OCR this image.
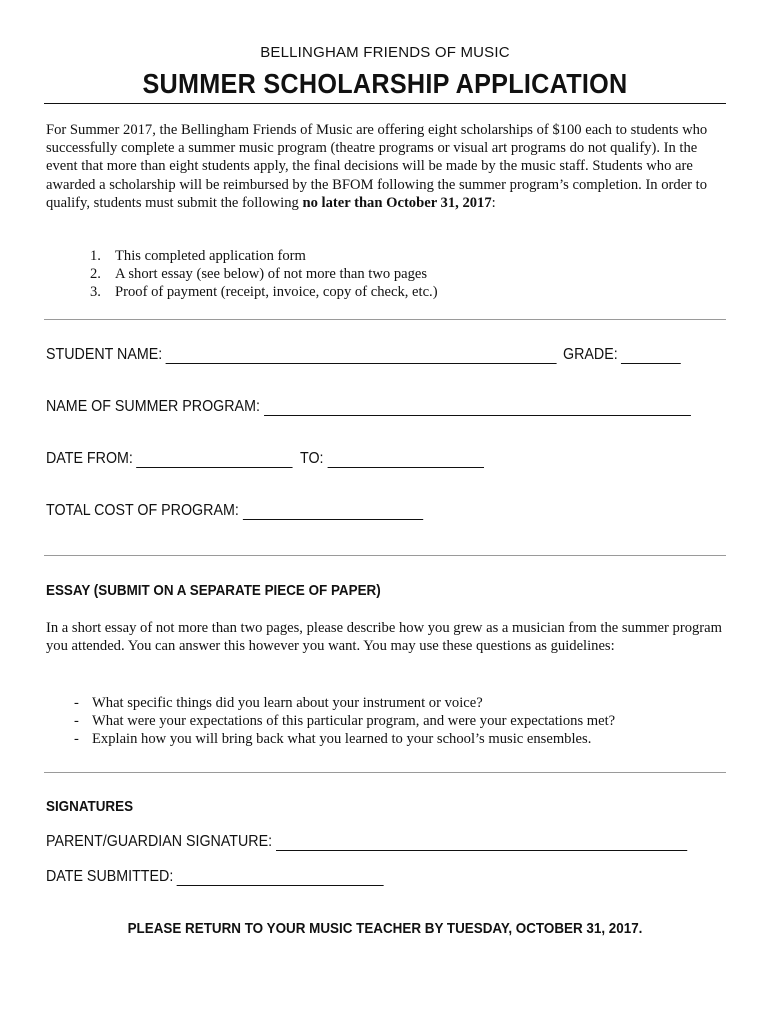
BELLINGHAM FRIENDS OF MUSIC
SUMMER SCHOLARSHIP APPLICATION
For Summer 2017, the Bellingham Friends of Music are offering eight scholarships of $100 each to students who successfully complete a summer music program (theatre programs or visual art programs do not qualify). In the event that more than eight students apply, the final decisions will be made by the music staff. Students who are awarded a scholarship will be reimbursed by the BFOM following the summer program’s completion. In order to qualify, students must submit the following no later than October 31, 2017:
1. This completed application form
2. A short essay (see below) of not more than two pages
3. Proof of payment (receipt, invoice, copy of check, etc.)
STUDENT NAME:	GRADE:
NAME OF SUMMER PROGRAM:
DATE FROM:	TO:
TOTAL COST OF PROGRAM:
ESSAY (SUBMIT ON A SEPARATE PIECE OF PAPER)
In a short essay of not more than two pages, please describe how you grew as a musician from the summer program you attended. You can answer this however you want. You may use these questions as guidelines:
- What specific things did you learn about your instrument or voice?
- What were your expectations of this particular program, and were your expectations met?
- Explain how you will bring back what you learned to your school’s music ensembles.
SIGNATURES
PARENT/GUARDIAN SIGNATURE:
DATE SUBMITTED:
PLEASE RETURN TO YOUR MUSIC TEACHER BY TUESDAY, OCTOBER 31, 2017.
